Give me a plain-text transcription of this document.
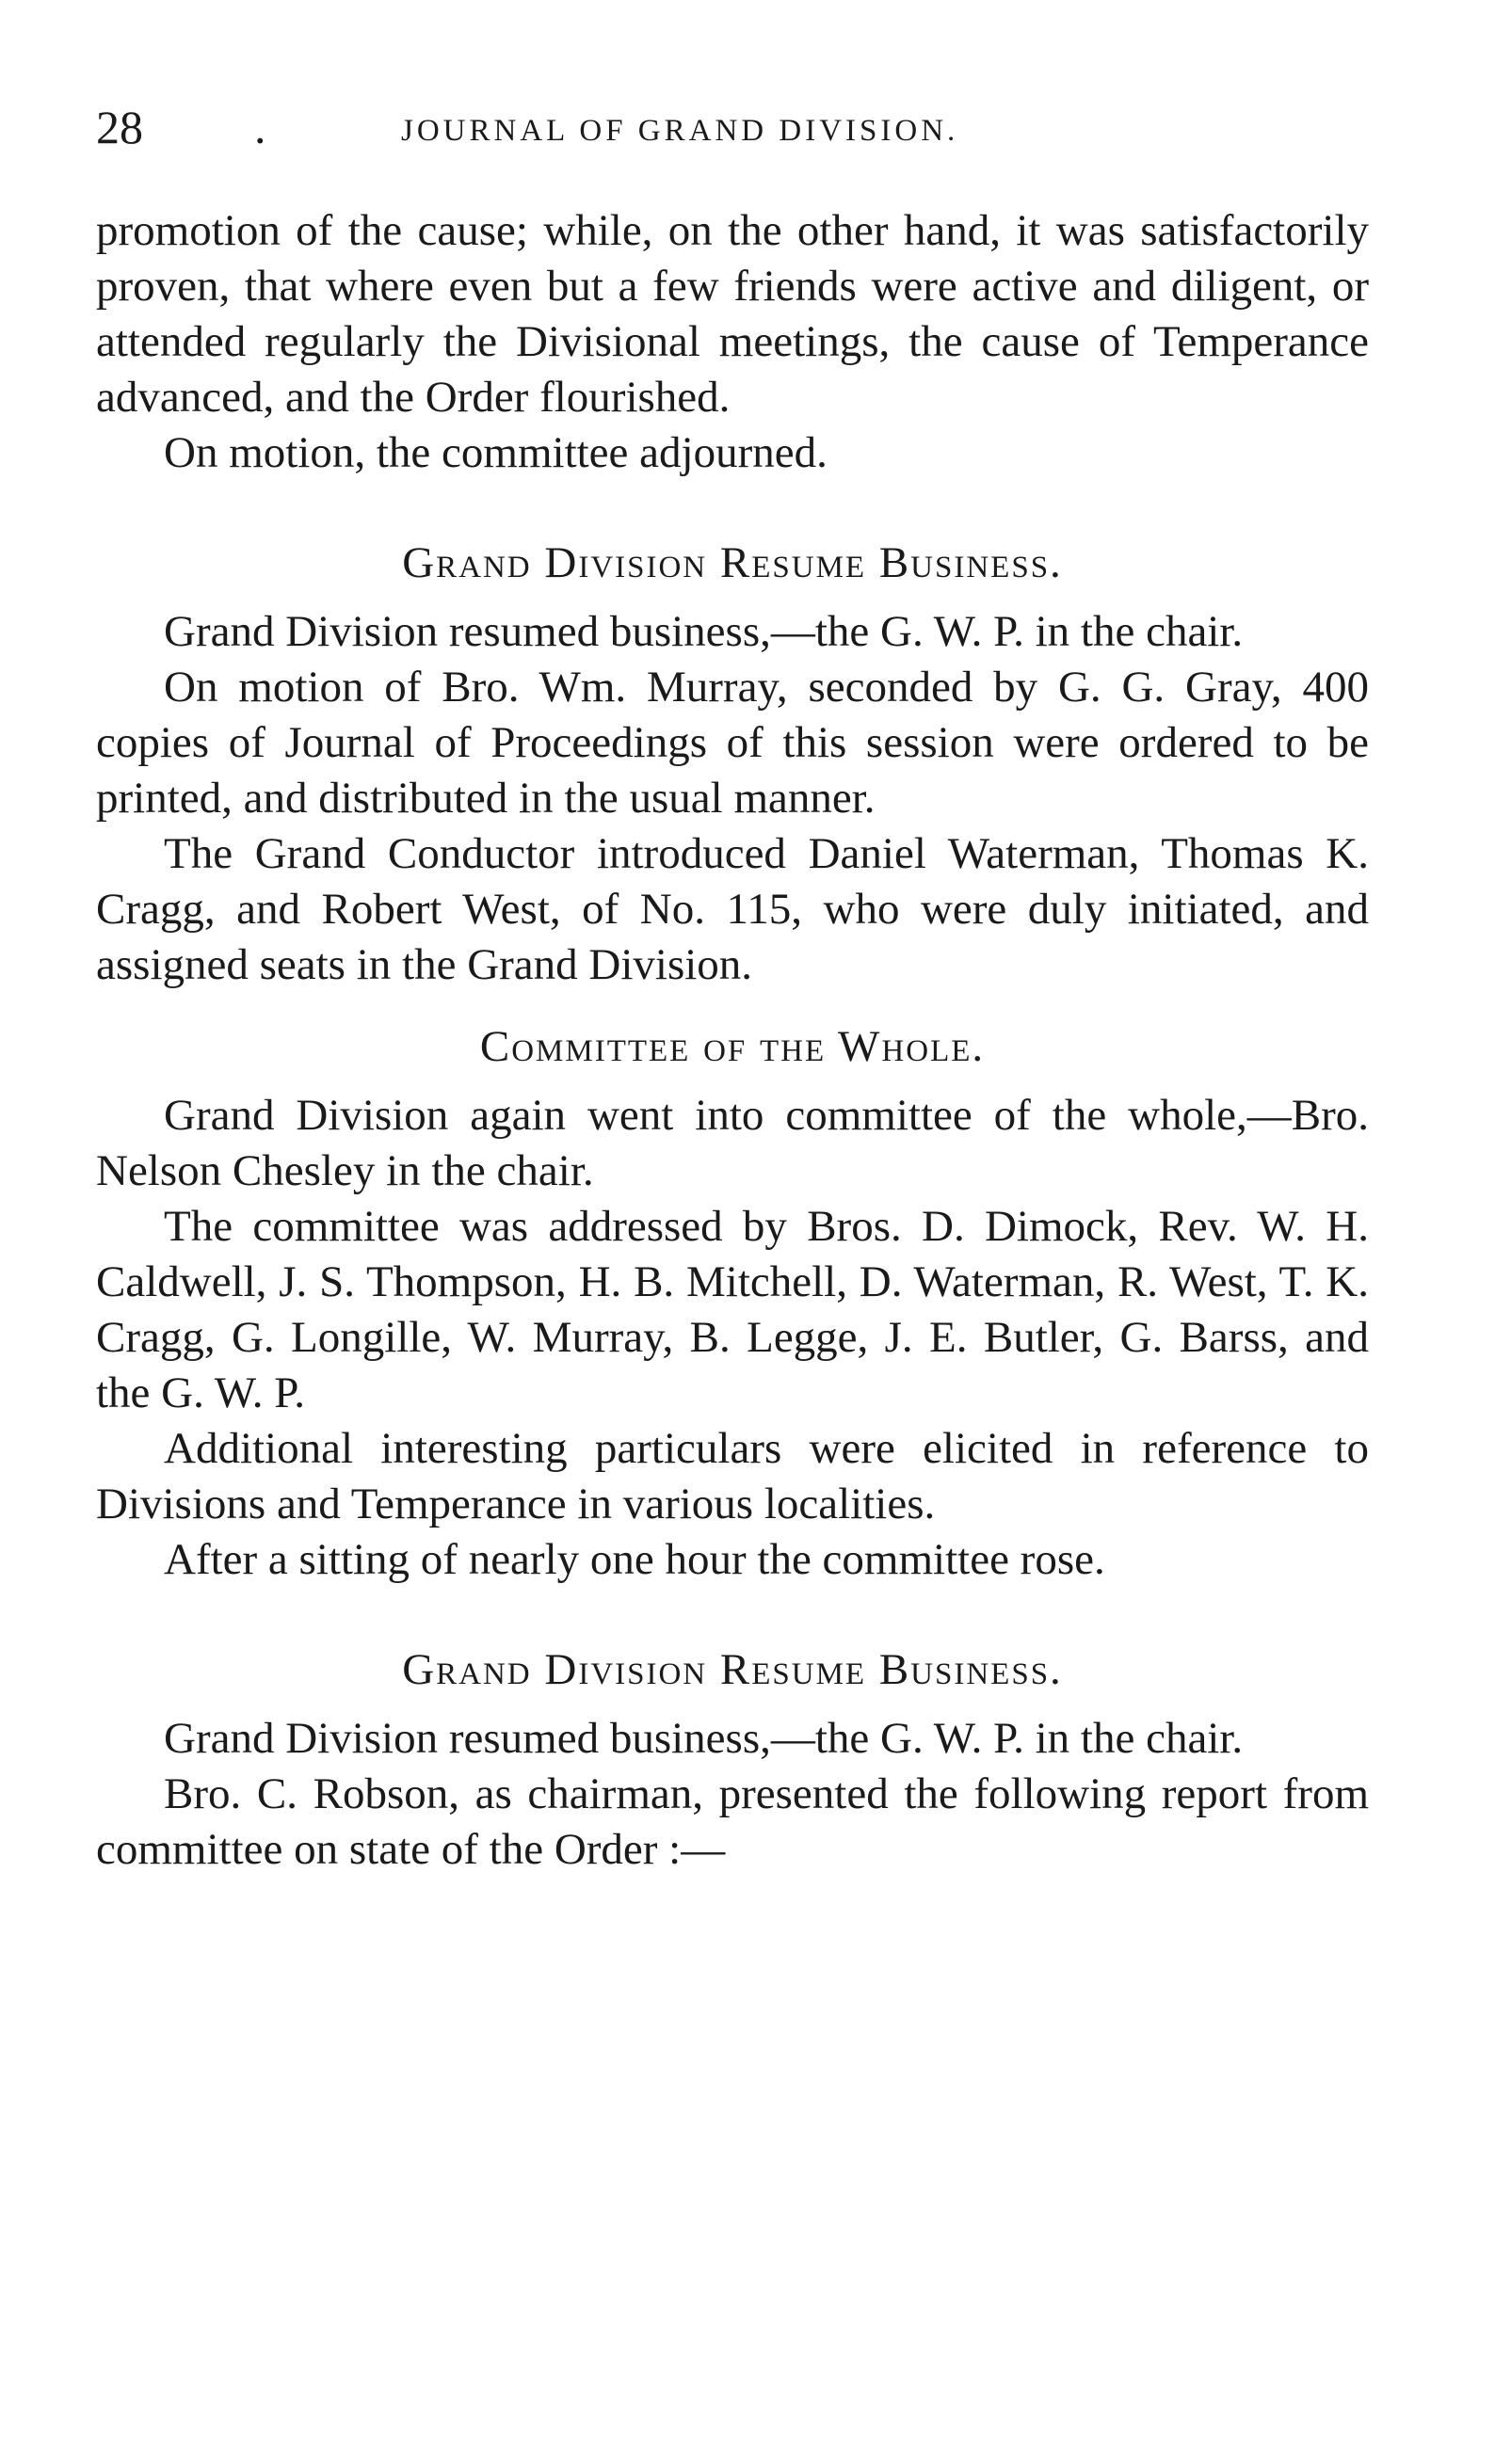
28 .	JOURNAL OF GRAND DIVISION.

promotion of the cause; while, on the other hand, it was satisfactorily proven, that where even but a few friends were active and diligent, or attended regularly the Divisional meetings, the cause of Temperance advanced, and the Order flourished.

On motion, the committee adjourned.

Grand Division Resume Business.

Grand Division resumed business,—the G. W. P. in the chair.

On motion of Bro. Wm. Murray, seconded by G. G. Gray, 400 copies of Journal of Proceedings of this session were ordered to be printed, and distributed in the usual manner.

The Grand Conductor introduced Daniel Waterman, Thomas K. Cragg, and Robert West, of No. 115, who were duly initiated, and assigned seats in the Grand Division.

Committee of the Whole.

Grand Division again went into committee of the whole,—Bro. Nelson Chesley in the chair.

The committee was addressed by Bros. D. Dimock, Rev. W. H. Caldwell, J. S. Thompson, H. B. Mitchell, D. Waterman, R. West, T. K. Cragg, G. Longille, W. Murray, B. Legge, J. E. Butler, G. Barss, and the G. W. P.

Additional interesting particulars were elicited in reference to Divisions and Temperance in various localities.

After a sitting of nearly one hour the committee rose.

Grand Division Resume Business.

Grand Division resumed business,—the G. W. P. in the chair.

Bro. C. Robson, as chairman, presented the following report from committee on state of the Order :—
